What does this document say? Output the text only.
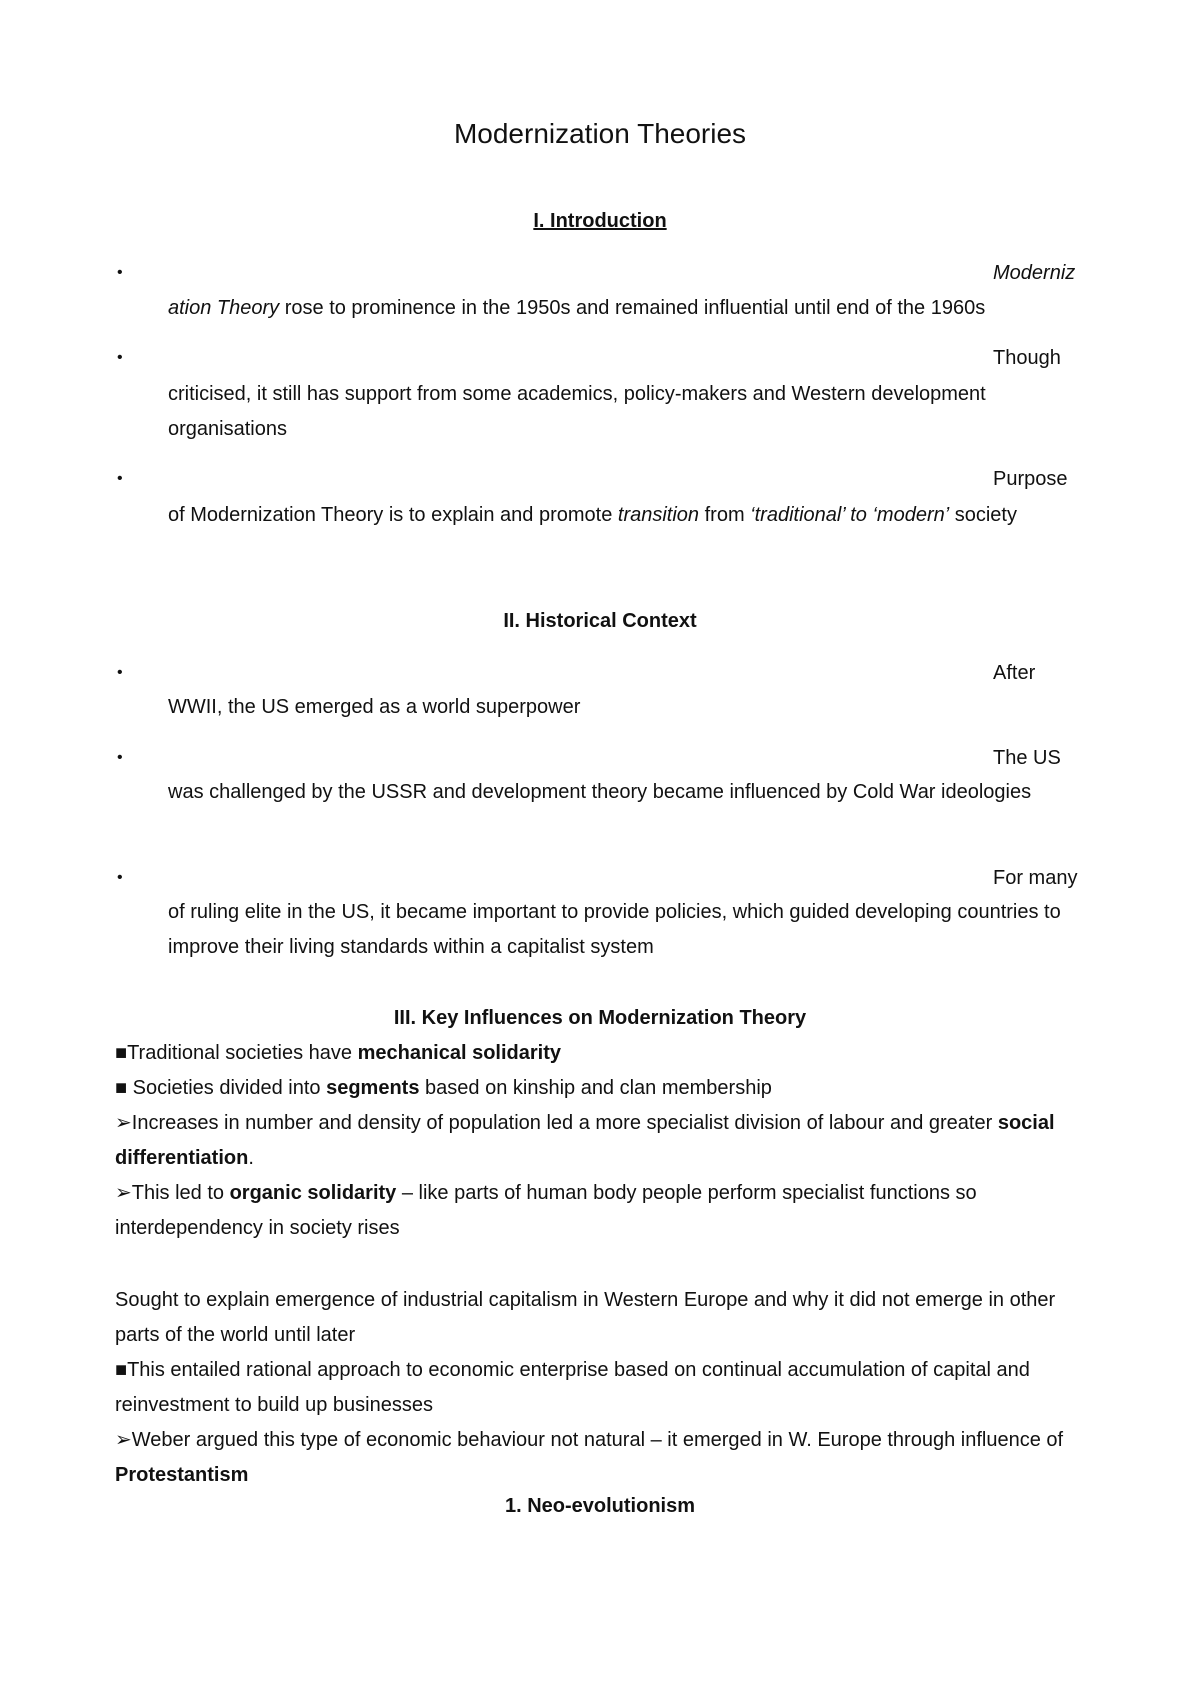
Modernization Theories
I. Introduction
•	Moderniz
ation Theory rose to prominence in the 1950s and remained influential until end of the 1960s
•	Though
criticised, it still has support from some academics, policy-makers and Western development organisations
•	Purpose
of Modernization Theory is to explain and promote transition from ‘traditional’ to ‘modern’ society
II. Historical Context
•	After
WWII, the US emerged as a world superpower
•	The US
was challenged by the USSR and development theory became influenced by Cold War ideologies
•	For many
of ruling elite in the US, it became important to provide policies, which guided developing countries to improve their living standards within a capitalist system
III. Key Influences on Modernization Theory
■Traditional societies have mechanical solidarity
■ Societies divided into segments based on kinship and clan membership
➢Increases in number and density of population led a more specialist division of labour and greater social differentiation.
➢This led to organic solidarity – like parts of human body people perform specialist functions so interdependency in society rises
Sought to explain emergence of industrial capitalism in Western Europe and why it did not emerge in other parts of the world until later
■This entailed rational approach to economic enterprise based on continual accumulation of capital and reinvestment to build up businesses
➢Weber argued this type of economic behaviour not natural – it emerged in W. Europe through influence of Protestantism
1. Neo-evolutionism
